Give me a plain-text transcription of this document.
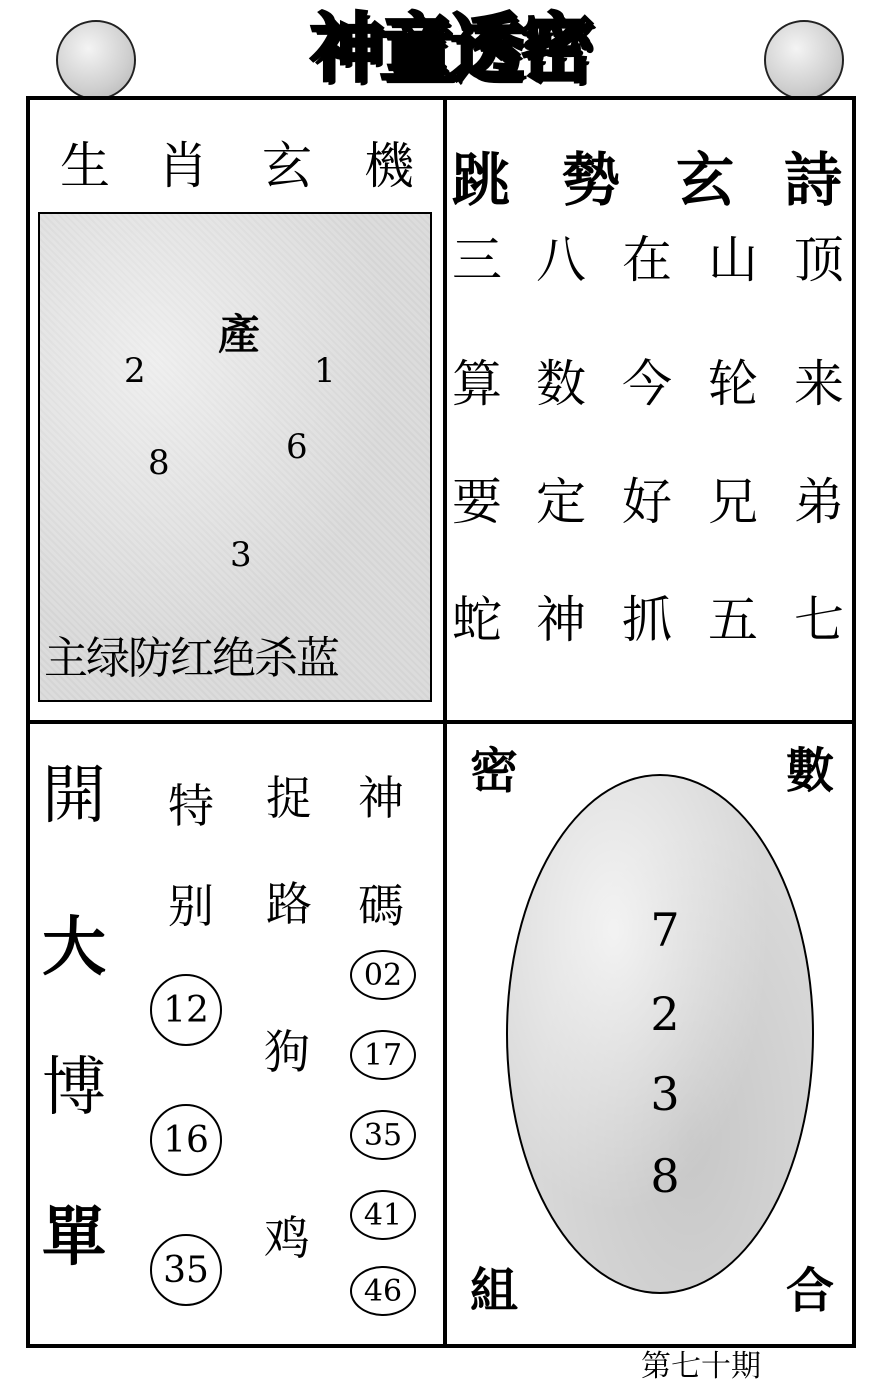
神童透密
生 肖 玄 機
產
2	1
8	6
3
主绿防红绝杀蓝
跳 勢 玄 詩
三 八 在 山 顶
算 数 今 轮 来
要 定 好 兄 弟
蛇 神 抓 五 七
開
大
博
單
特
别
捉
路
神
碼
12
16
35
狗
鸡
02
17
35
41
46
密	數
組	合
7
2
3
8
第七十期
